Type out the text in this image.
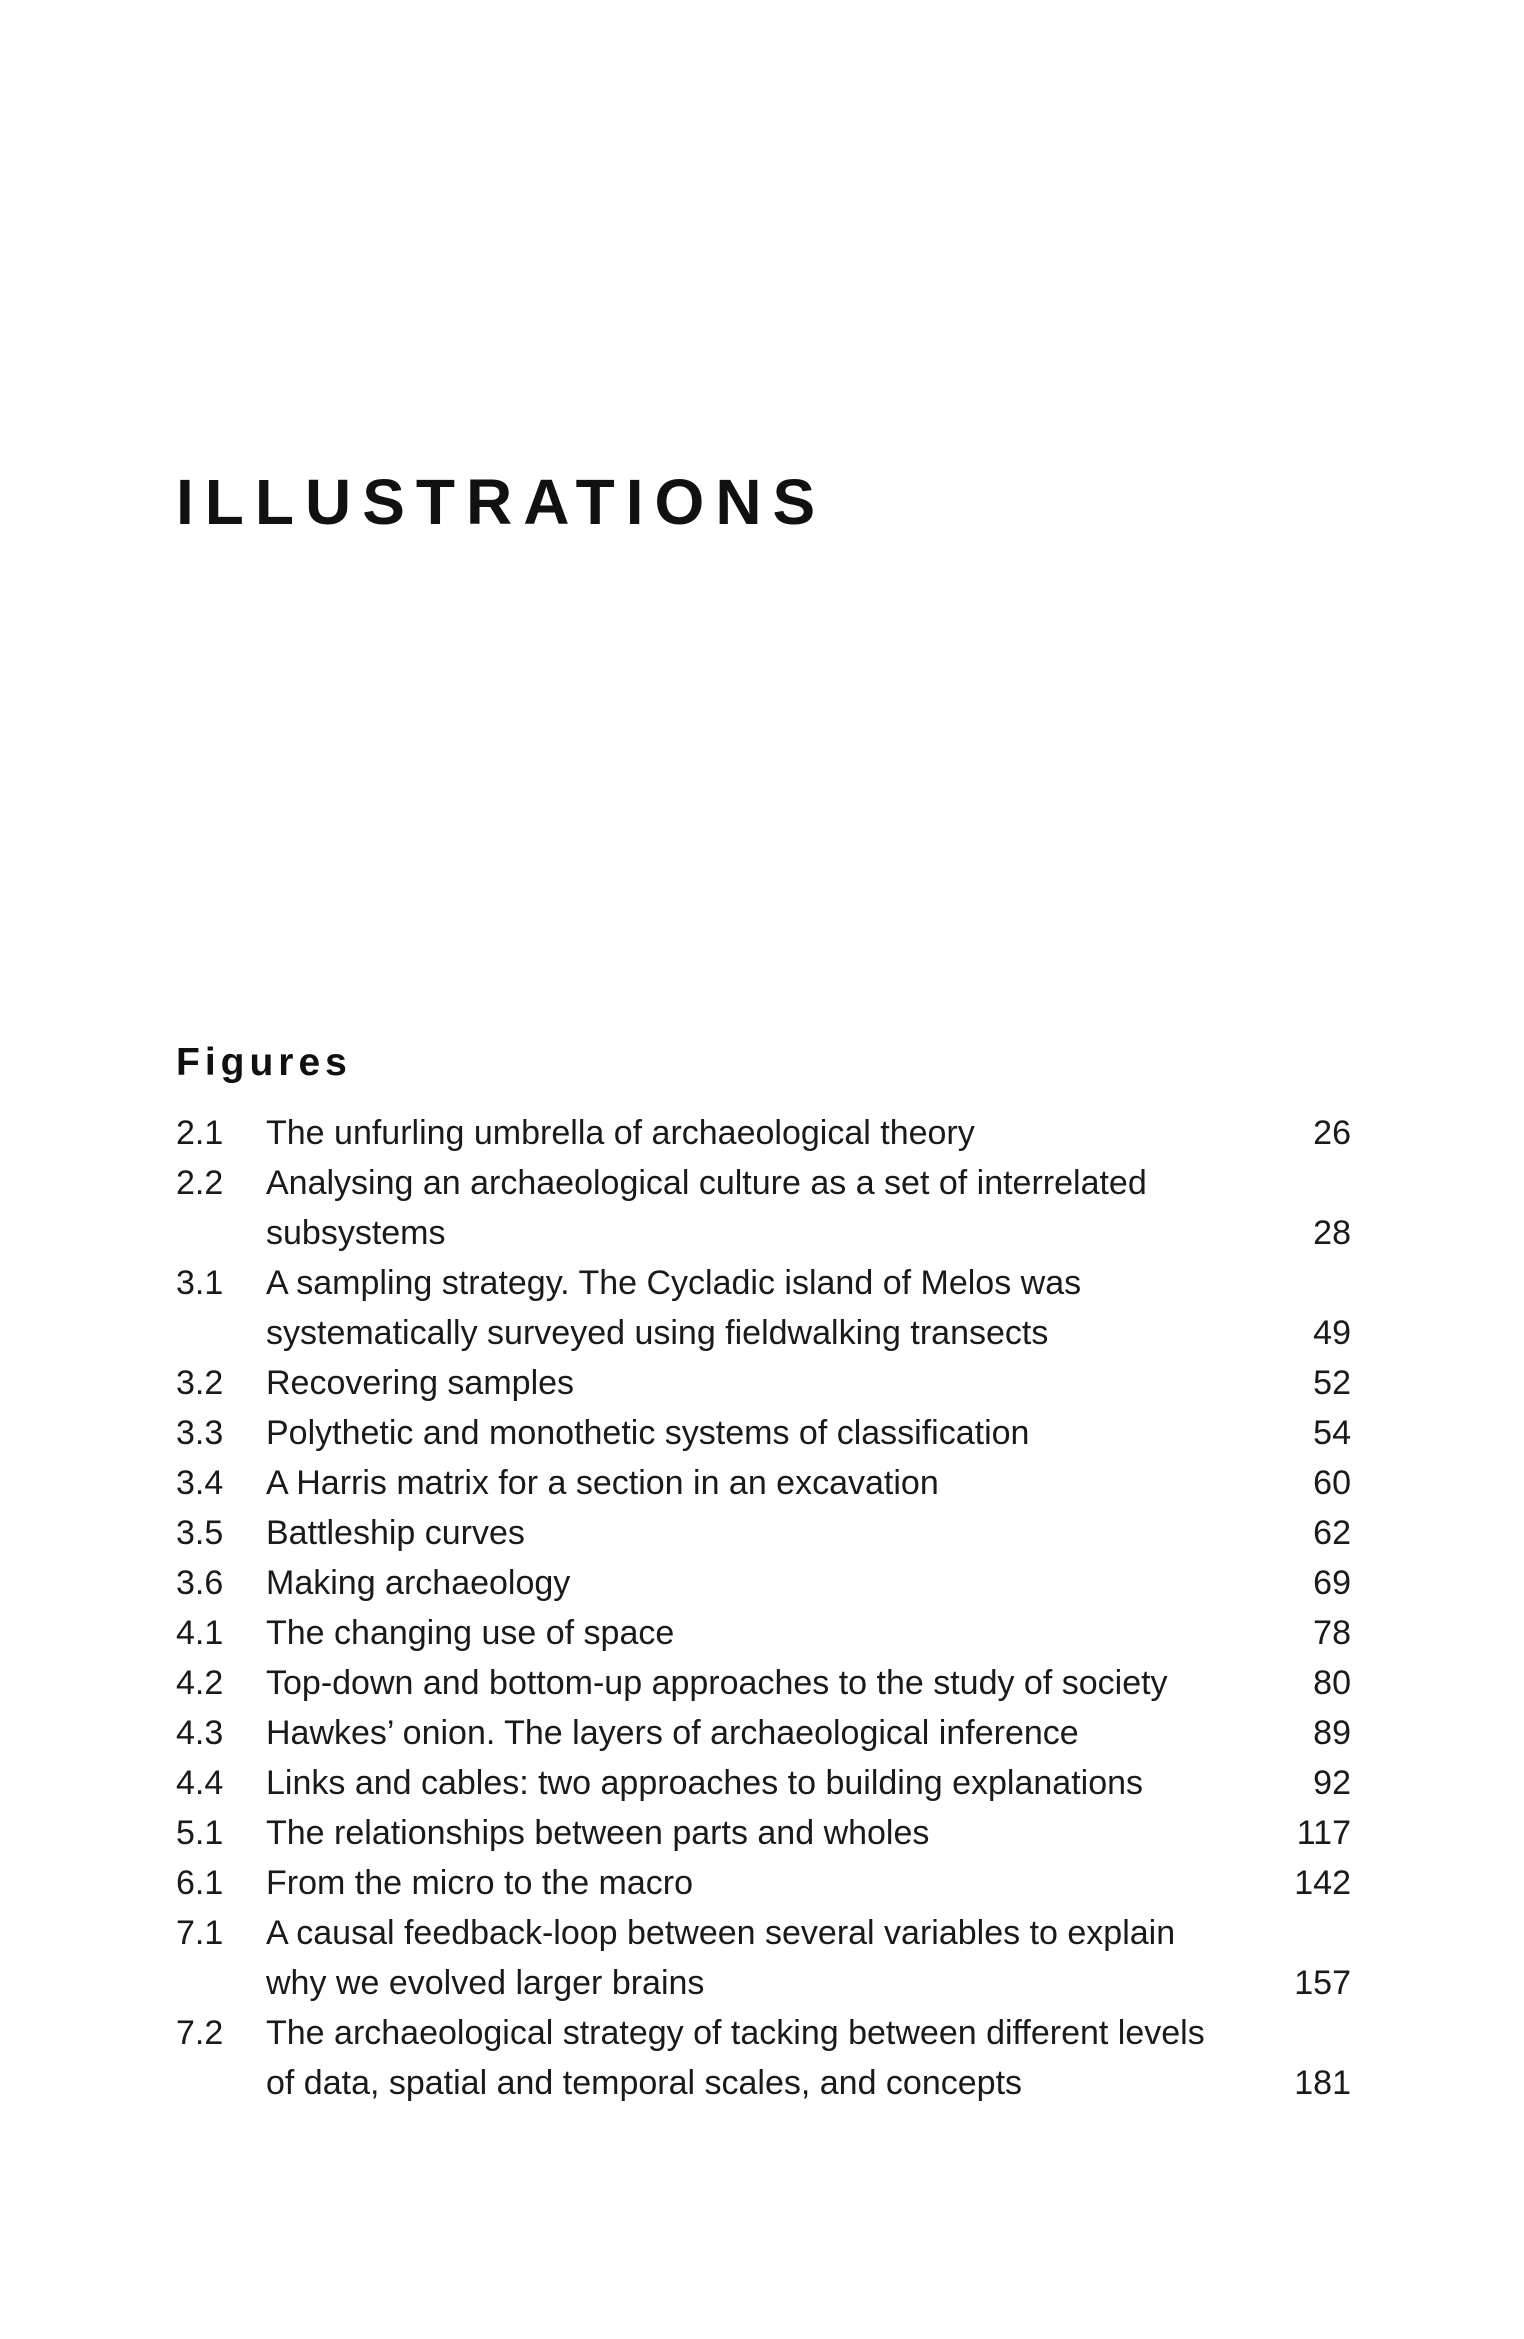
ILLUSTRATIONS
Figures
2.1	The unfurling umbrella of archaeological theory	26
2.2	Analysing an archaeological culture as a set of interrelated subsystems	28
3.1	A sampling strategy. The Cycladic island of Melos was systematically surveyed using fieldwalking transects	49
3.2	Recovering samples	52
3.3	Polythetic and monothetic systems of classification	54
3.4	A Harris matrix for a section in an excavation	60
3.5	Battleship curves	62
3.6	Making archaeology	69
4.1	The changing use of space	78
4.2	Top-down and bottom-up approaches to the study of society	80
4.3	Hawkes’ onion. The layers of archaeological inference	89
4.4	Links and cables: two approaches to building explanations	92
5.1	The relationships between parts and wholes	117
6.1	From the micro to the macro	142
7.1	A causal feedback-loop between several variables to explain why we evolved larger brains	157
7.2	The archaeological strategy of tacking between different levels of data, spatial and temporal scales, and concepts	181
